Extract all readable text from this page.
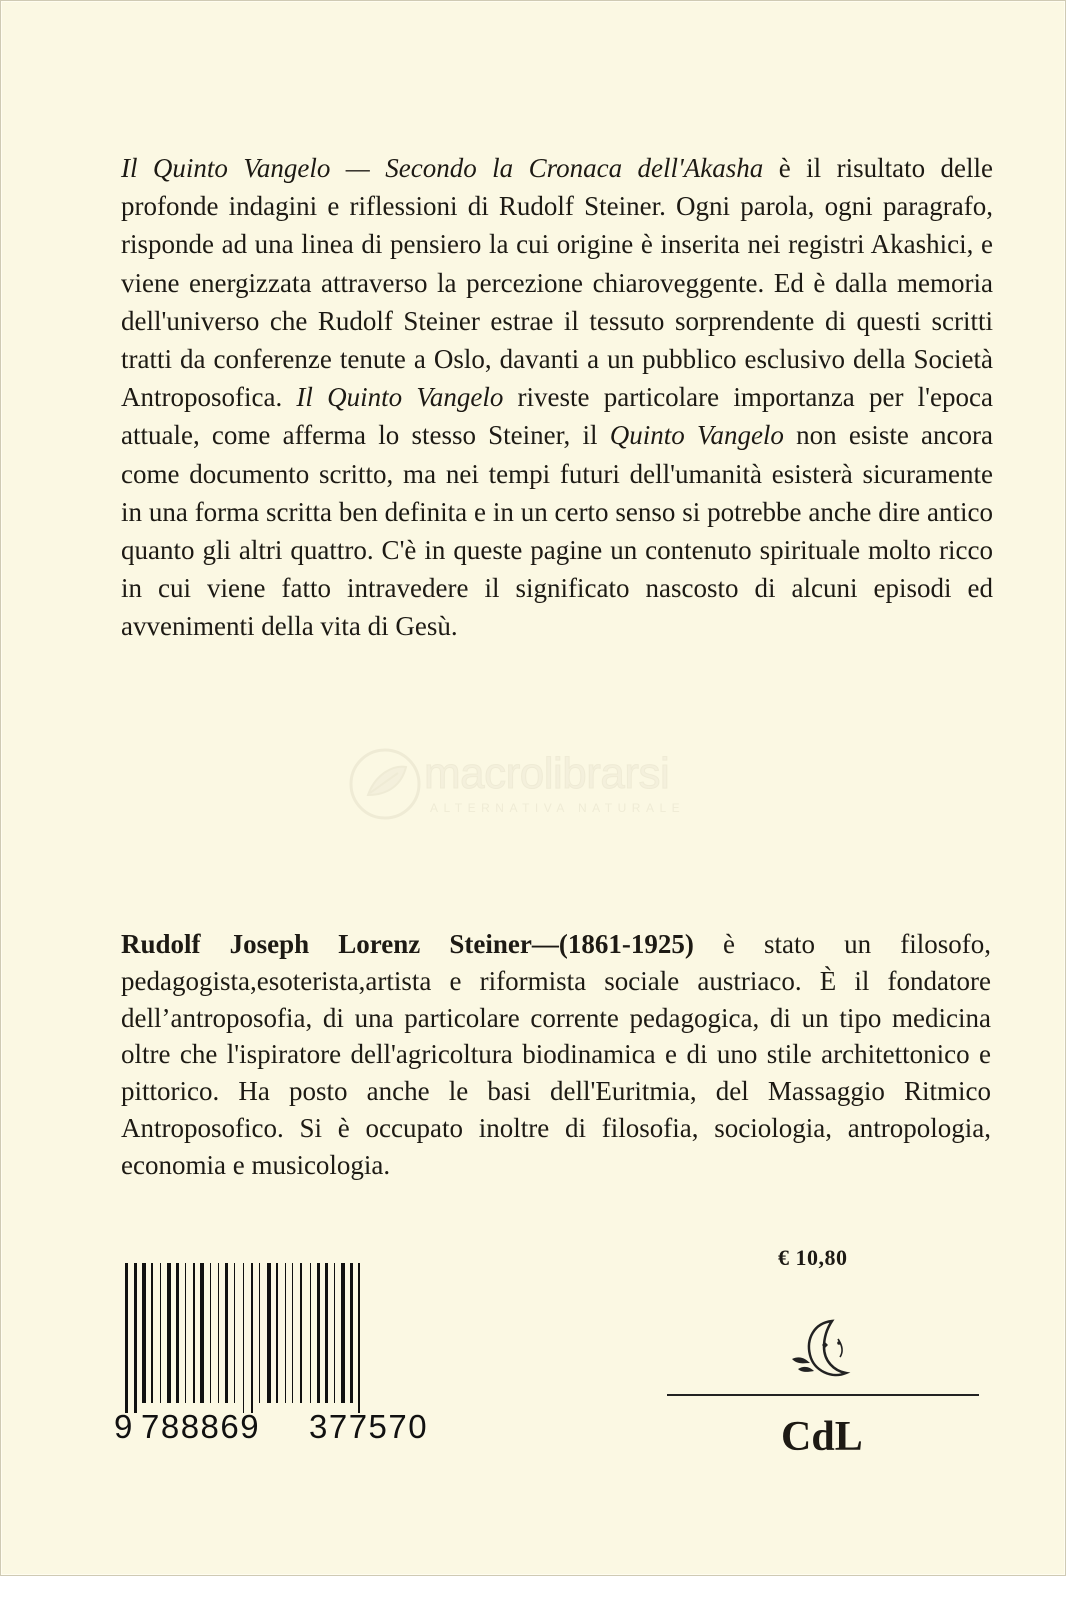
Il Quinto Vangelo — Secondo la Cronaca dell'Akasha è il risultato delle profonde indagini e riflessioni di Rudolf Steiner. Ogni parola, ogni paragrafo, risponde ad una linea di pensiero la cui origine è inserita nei registri Akashici, e viene energizzata attraverso la percezione chiaroveggente. Ed è dalla memoria dell'universo che Rudolf Steiner estrae il tessuto sorprendente di questi scritti tratti da conferenze tenute a Oslo, davanti a un pubblico esclusivo della Società Antroposofica. Il Quinto Vangelo riveste particolare importanza per l'epoca attuale, come afferma lo stesso Steiner, il Quinto Vangelo non esiste ancora come documento scritto, ma nei tempi futuri dell'umanità esisterà sicuramente in una forma scritta ben definita e in un certo senso si potrebbe anche dire antico quanto gli altri quattro. C'è in queste pagine un contenuto spirituale molto ricco in cui viene fatto intravedere il significato nascosto di alcuni episodi ed avvenimenti della vita di Gesù.
macrolibrarsi
ALTERNATIVA NATURALE
Rudolf Joseph Lorenz Steiner—(1861-1925) è stato un filosofo, pedagogista,esoterista,artista e riformista sociale austriaco. È il fondatore dell’antroposofia, di una particolare corrente pedagogica, di un tipo medicina oltre che l'ispiratore dell'agricoltura biodinamica e di uno stile architettonico e pittorico. Ha posto anche le basi dell'Euritmia, del Massaggio Ritmico Antroposofico. Si è occupato inoltre di filosofia, sociologia, antropologia, economia e musicologia.
€ 10,80
9 788869 377570	CdL
